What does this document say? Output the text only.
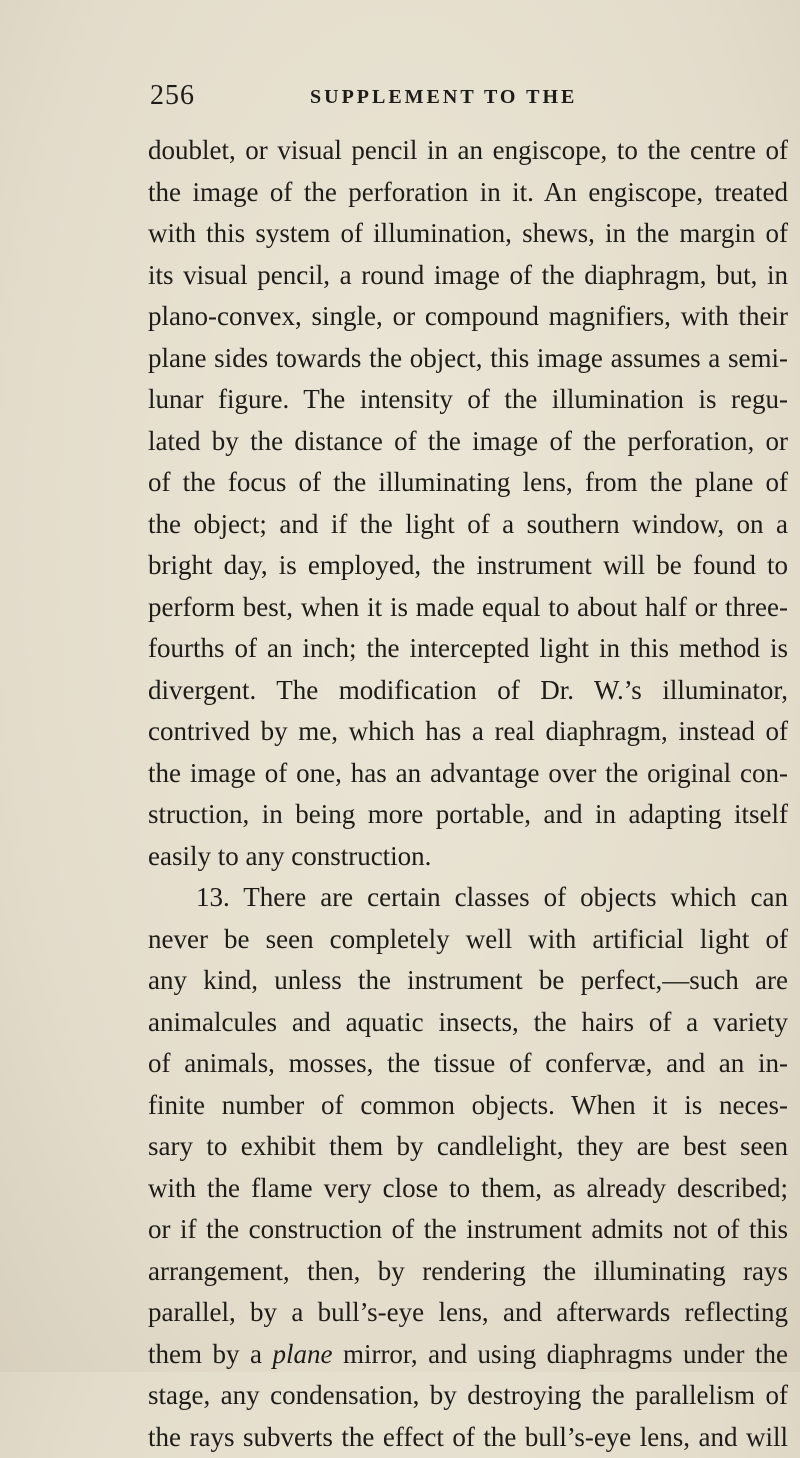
256	SUPPLEMENT TO THE
doublet, or visual pencil in an engiscope, to the centre of
the image of the perforation in it. An engiscope, treated
with this system of illumination, shews, in the margin of
its visual pencil, a round image of the diaphragm, but, in
plano-convex, single, or compound magnifiers, with their
plane sides towards the object, this image assumes a semi-
lunar figure. The intensity of the illumination is regu-
lated by the distance of the image of the perforation, or
of the focus of the illuminating lens, from the plane of
the object; and if the light of a southern window, on a
bright day, is employed, the instrument will be found to
perform best, when it is made equal to about half or three-
fourths of an inch; the intercepted light in this method is
divergent. The modification of Dr. W.’s illuminator,
contrived by me, which has a real diaphragm, instead of
the image of one, has an advantage over the original con-
struction, in being more portable, and in adapting itself
easily to any construction.
13. There are certain classes of objects which can
never be seen completely well with artificial light of
any kind, unless the instrument be perfect,—such are
animalcules and aquatic insects, the hairs of a variety
of animals, mosses, the tissue of confervæ, and an in-
finite number of common objects. When it is neces-
sary to exhibit them by candlelight, they are best seen
with the flame very close to them, as already described;
or if the construction of the instrument admits not of this
arrangement, then, by rendering the illuminating rays
parallel, by a bull’s-eye lens, and afterwards reflecting
them by a plane mirror, and using diaphragms under the
stage, any condensation, by destroying the parallelism of
the rays subverts the effect of the bull’s-eye lens, and will
